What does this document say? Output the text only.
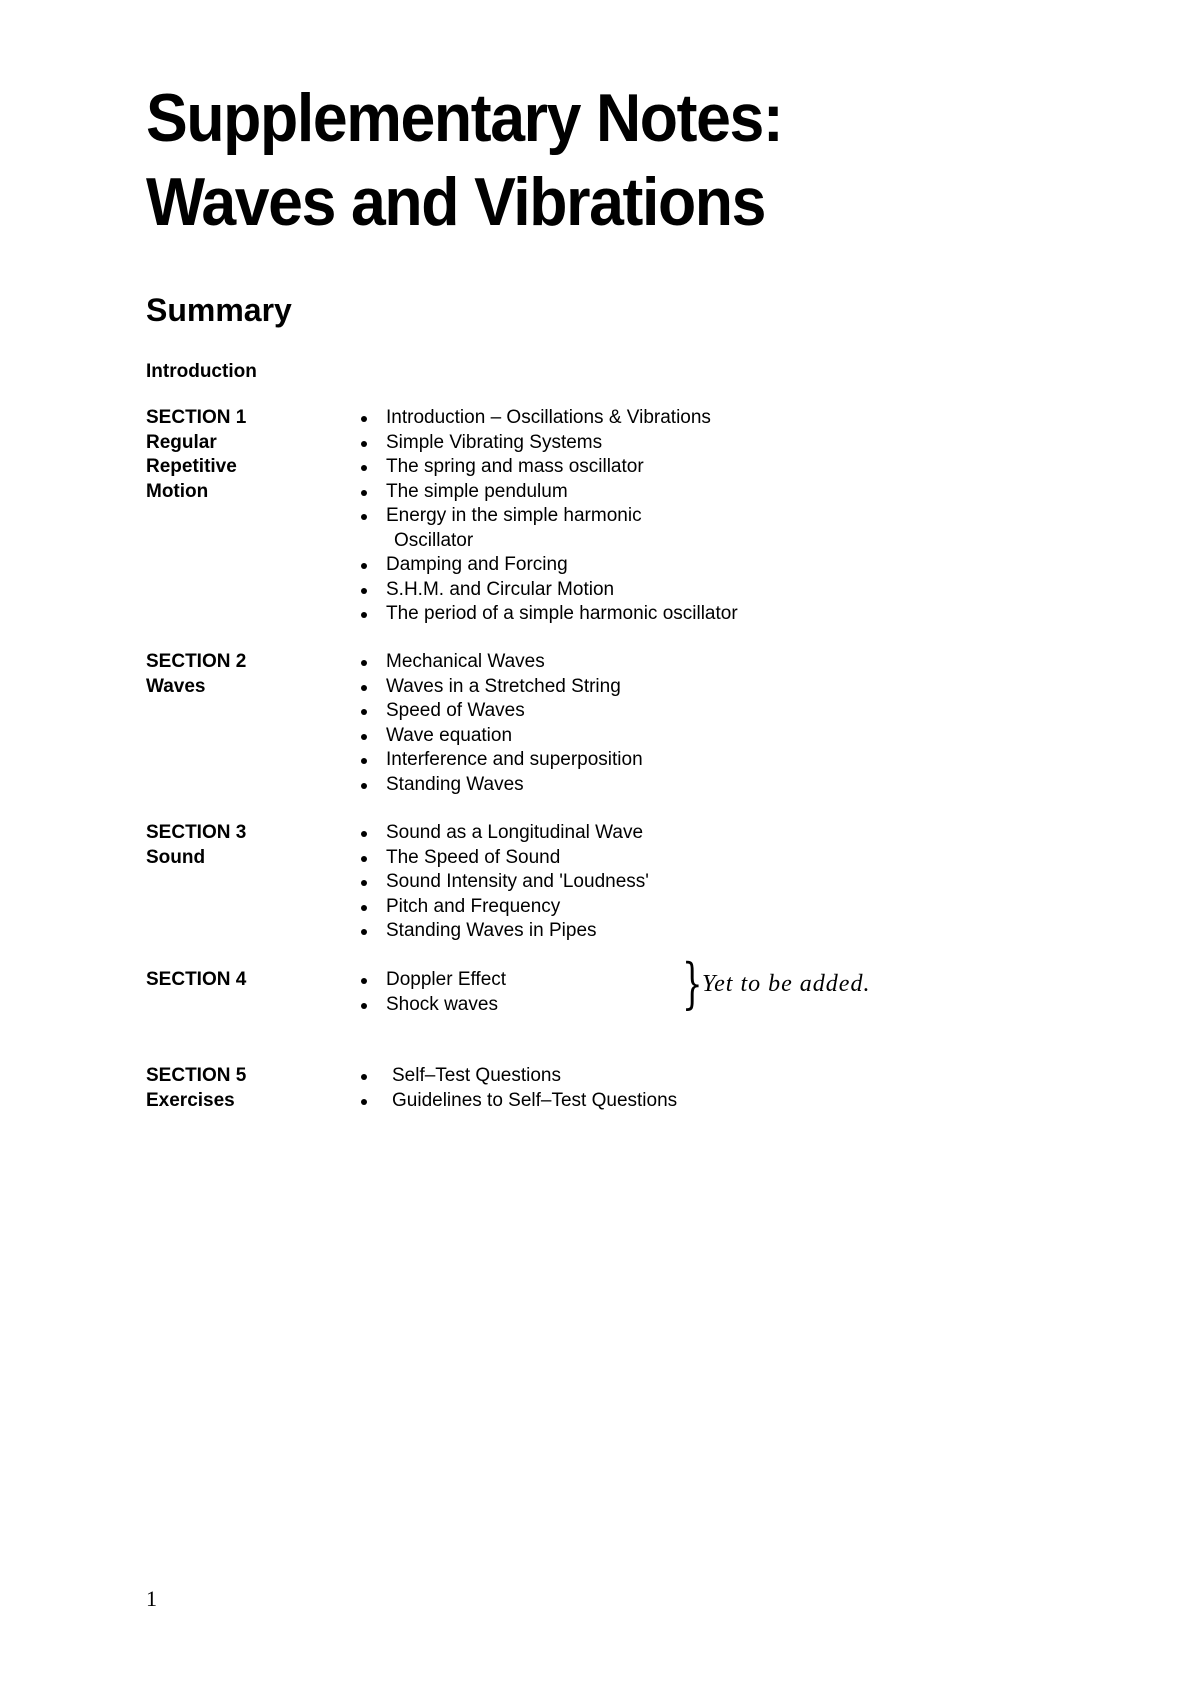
Supplementary Notes:
Waves and Vibrations
Summary
Introduction
SECTION 1
Regular
Repetitive
Motion
Introduction – Oscillations & Vibrations
Simple Vibrating Systems
The spring and mass oscillator
The simple pendulum
Energy in the simple harmonic
Oscillator
Damping and Forcing
S.H.M. and Circular Motion
The period of a simple harmonic oscillator
SECTION 2
Waves
Mechanical Waves
Waves in a Stretched String
Speed of Waves
Wave equation
Interference and superposition
Standing Waves
SECTION 3
Sound
Sound as a Longitudinal Wave
The Speed of Sound
Sound Intensity and 'Loudness'
Pitch and Frequency
Standing Waves in Pipes
SECTION 4	Doppler Effect
Shock waves	} Yet to be added.
SECTION 5
Exercises
Self–Test Questions
Guidelines to Self–Test Questions
1
